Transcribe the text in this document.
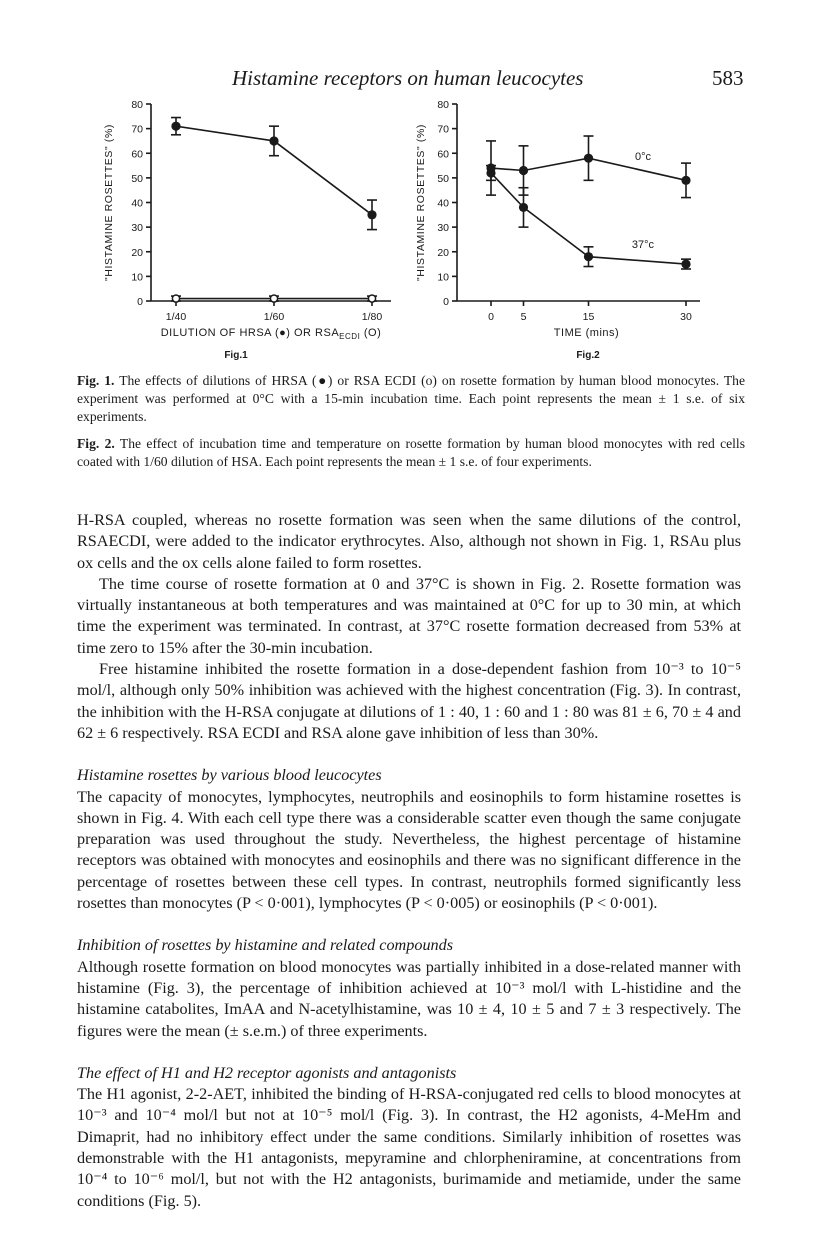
Histamine receptors on human leucocytes	583
0
10
20
30
40
50
60
70
80
"HISTAMINE ROSETTES" (%)
1/40	1/60	1/80
DILUTION OF HRSA (●) OR $RSA_{ECDI}$ (O)
Fig.1
0
10
20
30
40
50
60
70
80
"HISTAMINE ROSETTES" (%)
0	5	15	30
TIME (mins)
Fig.2
0°c
37°c
Fig. 1. The effects of dilutions of HRSA (●) or RSA ECDI (o) on rosette formation by human blood monocytes. The experiment was performed at 0°C with a 15-min incubation time. Each point represents the mean ± 1 s.e. of six experiments.
Fig. 2. The effect of incubation time and temperature on rosette formation by human blood monocytes with red cells coated with 1/60 dilution of HSA. Each point represents the mean ± 1 s.e. of four experiments.

H-RSA coupled, whereas no rosette formation was seen when the same dilutions of the control, RSAECDI, were added to the indicator erythrocytes. Also, although not shown in Fig. 1, RSAu plus ox cells and the ox cells alone failed to form rosettes.

The time course of rosette formation at 0 and 37°C is shown in Fig. 2. Rosette formation was virtually instantaneous at both temperatures and was maintained at 0°C for up to 30 min, at which time the experiment was terminated. In contrast, at 37°C rosette formation decreased from 53% at time zero to 15% after the 30-min incubation.

Free histamine inhibited the rosette formation in a dose-dependent fashion from 10⁻³ to 10⁻⁵ mol/l, although only 50% inhibition was achieved with the highest concentration (Fig. 3). In contrast, the inhibition with the H-RSA conjugate at dilutions of 1 : 40, 1 : 60 and 1 : 80 was 81 ± 6, 70 ± 4 and 62 ± 6 respectively. RSA ECDI and RSA alone gave inhibition of less than 30%.

Histamine rosettes by various blood leucocytes

The capacity of monocytes, lymphocytes, neutrophils and eosinophils to form histamine rosettes is shown in Fig. 4. With each cell type there was a considerable scatter even though the same conjugate preparation was used throughout the study. Nevertheless, the highest percentage of histamine receptors was obtained with monocytes and eosinophils and there was no significant difference in the percentage of rosettes between these cell types. In contrast, neutrophils formed significantly less rosettes than monocytes (P < 0·001), lymphocytes (P < 0·005) or eosinophils (P < 0·001).

Inhibition of rosettes by histamine and related compounds

Although rosette formation on blood monocytes was partially inhibited in a dose-related manner with histamine (Fig. 3), the percentage of inhibition achieved at 10⁻³ mol/l with L-histidine and the histamine catabolites, ImAA and N-acetylhistamine, was 10 ± 4, 10 ± 5 and 7 ± 3 respectively. The figures were the mean (± s.e.m.) of three experiments.

The effect of H1 and H2 receptor agonists and antagonists

The H1 agonist, 2-2-AET, inhibited the binding of H-RSA-conjugated red cells to blood monocytes at 10⁻³ and 10⁻⁴ mol/l but not at 10⁻⁵ mol/l (Fig. 3). In contrast, the H2 agonists, 4-MeHm and Dimaprit, had no inhibitory effect under the same conditions. Similarly inhibition of rosettes was demonstrable with the H1 antagonists, mepyramine and chlorpheniramine, at concentrations from 10⁻⁴ to 10⁻⁶ mol/l, but not with the H2 antagonists, burimamide and metiamide, under the same conditions (Fig. 5).
